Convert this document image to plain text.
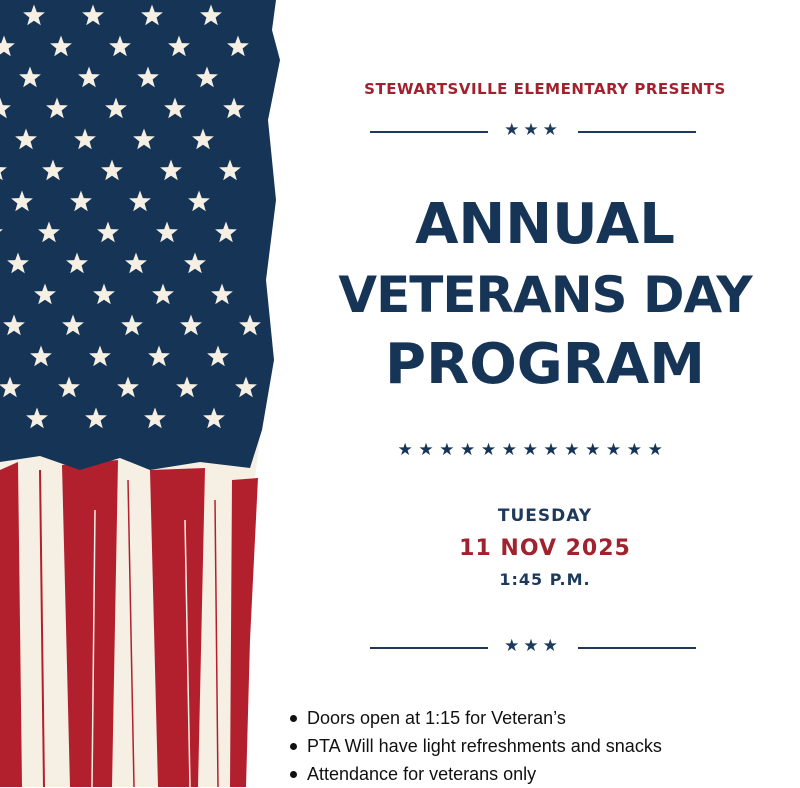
STEWARTSVILLE ELEMENTARY PRESENTS
★★★
ANNUAL
VETERANS DAY
PROGRAM
★★★★★★★★★★★★★
TUESDAY
11 NOV 2025
1:45 P.M.
★★★
Doors open at 1:15 for Veteran’s
PTA Will have light refreshments and snacks
Attendance for veterans only
